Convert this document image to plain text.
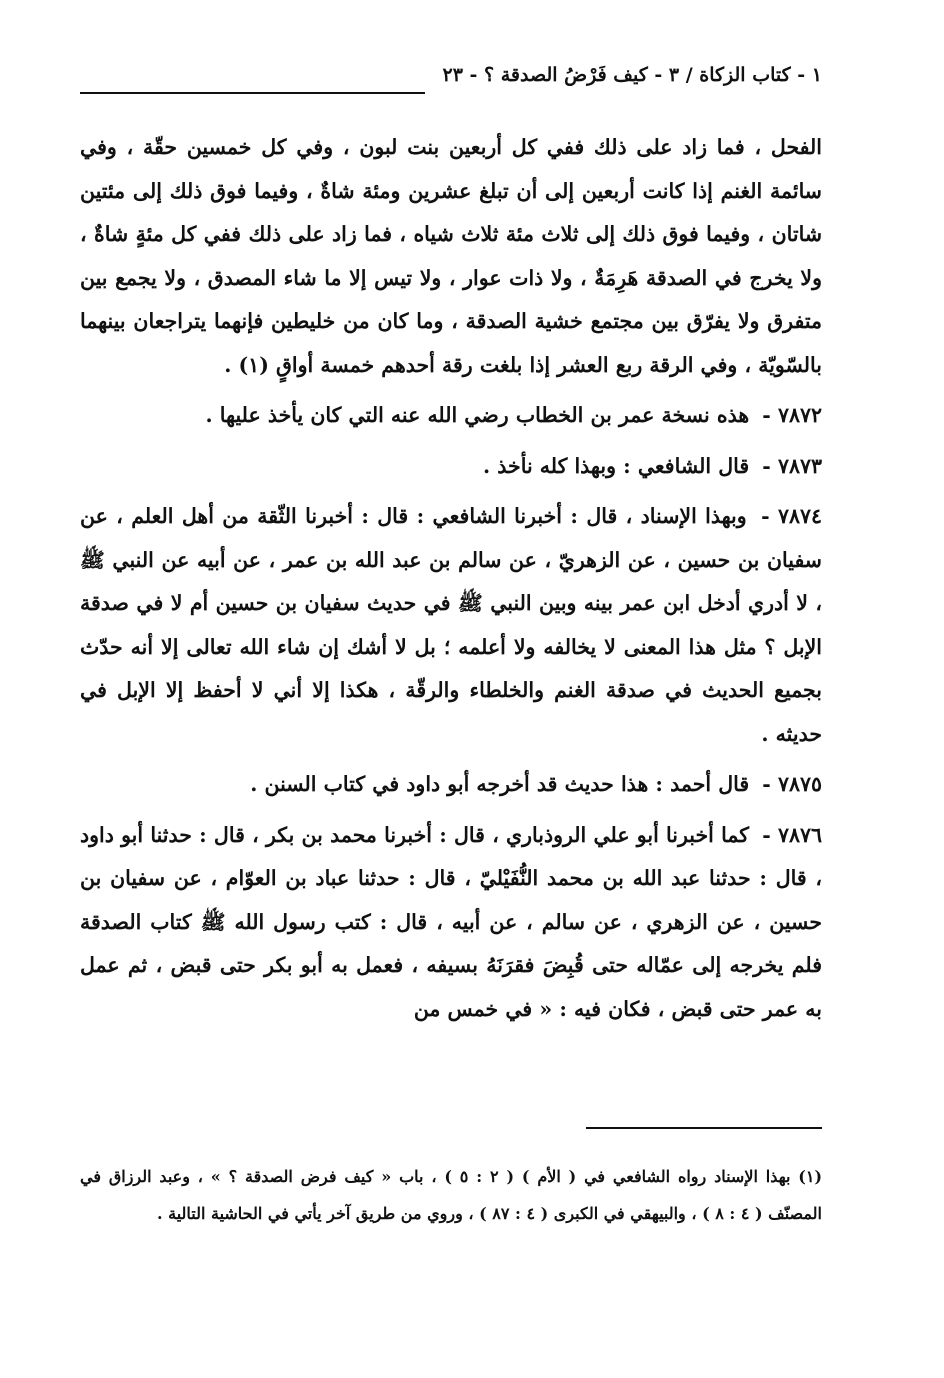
١ - كتاب الزكاة / ٣ - كيف فَرْضُ الصدقة ؟ - ٢٣

الفحل ، فما زاد على ذلك ففي كل أربعين بنت لبون ، وفي كل خمسين حقّة ، وفي سائمة الغنم إذا كانت أربعين إلى أن تبلغ عشرين ومئة شاةٌ ، وفيما فوق ذلك إلى مئتين شاتان ، وفيما فوق ذلك إلى ثلاث مئة ثلاث شياه ، فما زاد على ذلك ففي كل مئةٍ شاةٌ ، ولا يخرج في الصدقة هَرِمَةٌ ، ولا ذات عوار ، ولا تيس إلا ما شاء المصدق ، ولا يجمع بين متفرق ولا يفرّق بين مجتمع خشية الصدقة ، وما كان من خليطين فإنهما يتراجعان بينهما بالسّويّة ، وفي الرقة ربع العشر إذا بلغت رقة أحدهم خمسة أواقٍ (١) .

٧٨٧٢ - هذه نسخة عمر بن الخطاب رضي الله عنه التي كان يأخذ عليها .

٧٨٧٣ - قال الشافعي : وبهذا كله نأخذ .

٧٨٧٤ - وبهذا الإسناد ، قال : أخبرنا الشافعي : قال : أخبرنا الثّقة من أهل العلم ، عن سفيان بن حسين ، عن الزهريّ ، عن سالم بن عبد الله بن عمر ، عن أبيه عن النبي ﷺ ، لا أدري أدخل ابن عمر بينه وبين النبي ﷺ في حديث سفيان بن حسين أم لا في صدقة الإبل ؟ مثل هذا المعنى لا يخالفه ولا أعلمه ؛ بل لا أشك إن شاء الله تعالى إلا أنه حدّث بجميع الحديث في صدقة الغنم والخلطاء والرقّة ، هكذا إلا أني لا أحفظ إلا الإبل في حديثه .

٧٨٧٥ - قال أحمد : هذا حديث قد أخرجه أبو داود في كتاب السنن .

٧٨٧٦ - كما أخبرنا أبو علي الروذباري ، قال : أخبرنا محمد بن بكر ، قال : حدثنا أبو داود ، قال : حدثنا عبد الله بن محمد النُّفَيْليّ ، قال : حدثنا عباد بن العوّام ، عن سفيان بن حسين ، عن الزهري ، عن سالم ، عن أبيه ، قال : كتب رسول الله ﷺ كتاب الصدقة فلم يخرجه إلى عمّاله حتى قُبِضَ فقرَنَهُ بسيفه ، فعمل به أبو بكر حتى قبض ، ثم عمل به عمر حتى قبض ، فكان فيه : « في خمس من

(١) بهذا الإسناد رواه الشافعي في ( الأم ) ( ٢ : ٥ ) ، باب « كيف فرض الصدقة ؟ » ، وعبد الرزاق في المصنّف ( ٤ : ٨ ) ، والبيهقي في الكبرى ( ٤ : ٨٧ ) ، وروي من طريق آخر يأتي في الحاشية التالية .
